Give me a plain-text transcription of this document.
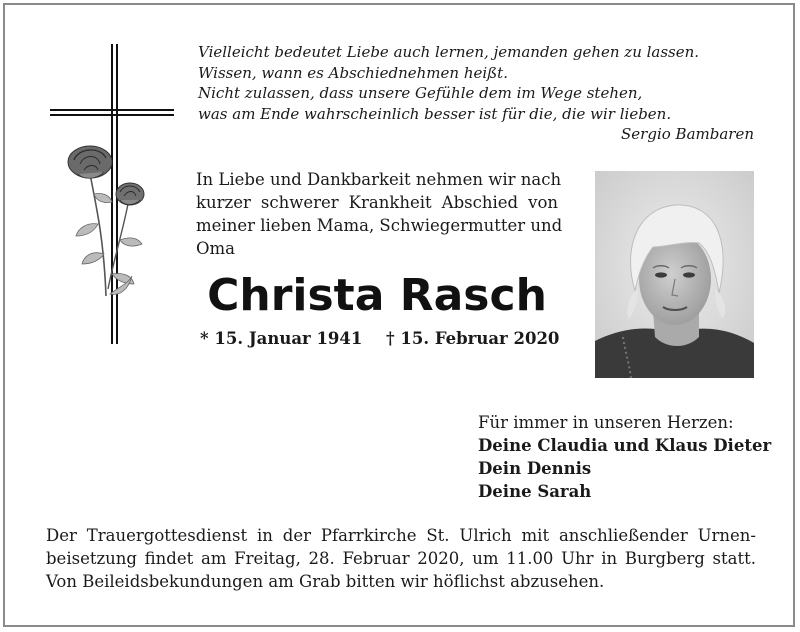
Vielleicht bedeutet Liebe auch lernen, jemanden gehen zu lassen.
Wissen, wann es Abschiednehmen heißt.
Nicht zulassen, dass unsere Gefühle dem im Wege stehen,
was am Ende wahrscheinlich besser ist für die, die wir lieben.
Sergio Bambaren
In Liebe und Dankbarkeit nehmen wir nach
kurzer schwerer Krankheit Abschied von
meiner lieben Mama, Schwiegermutter und
Oma
Christa Rasch
* 15. Januar 1941 † 15. Februar 2020
Für immer in unseren Herzen:
Deine Claudia und Klaus Dieter
Dein Dennis
Deine Sarah
Der Trauergottesdienst in der Pfarrkirche St. Ulrich mit anschließender Urnen-
beisetzung findet am Freitag, 28. Februar 2020, um 11.00 Uhr in Burgberg statt.
Von Beileidsbekundungen am Grab bitten wir höflichst abzusehen.
